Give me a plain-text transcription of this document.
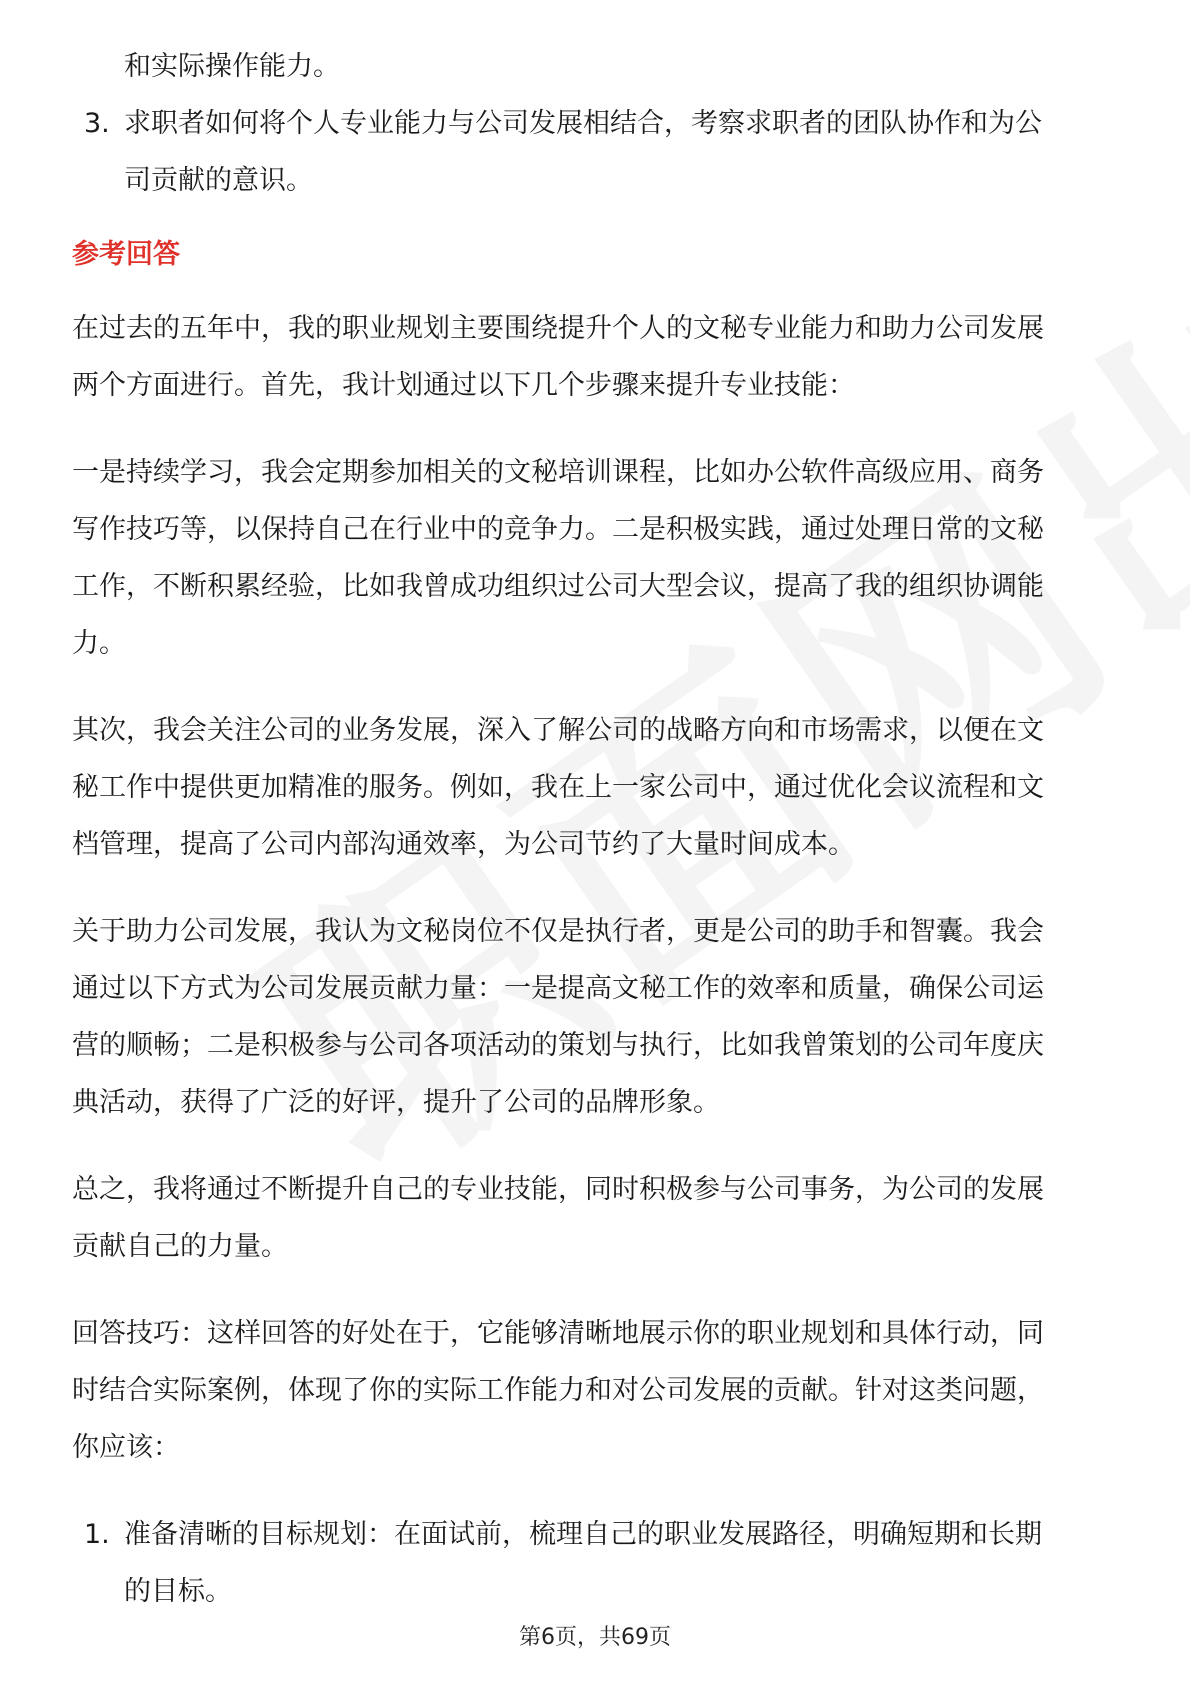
和实际操作能力。
3. 求职者如何将个人专业能力与公司发展相结合，考察求职者的团队协作和为公
司贡献的意识。
参考回答
在过去的五年中，我的职业规划主要围绕提升个人的文秘专业能力和助力公司发展
两个方面进行。首先，我计划通过以下几个步骤来提升专业技能：
一是持续学习，我会定期参加相关的文秘培训课程，比如办公软件高级应用、商务
写作技巧等，以保持自己在行业中的竞争力。二是积极实践，通过处理日常的文秘
工作，不断积累经验，比如我曾成功组织过公司大型会议，提高了我的组织协调能
力。
其次，我会关注公司的业务发展，深入了解公司的战略方向和市场需求，以便在文
秘工作中提供更加精准的服务。例如，我在上一家公司中，通过优化会议流程和文
档管理，提高了公司内部沟通效率，为公司节约了大量时间成本。
关于助力公司发展，我认为文秘岗位不仅是执行者，更是公司的助手和智囊。我会
通过以下方式为公司发展贡献力量：一是提高文秘工作的效率和质量，确保公司运
营的顺畅；二是积极参与公司各项活动的策划与执行，比如我曾策划的公司年度庆
典活动，获得了广泛的好评，提升了公司的品牌形象。
总之，我将通过不断提升自己的专业技能，同时积极参与公司事务，为公司的发展
贡献自己的力量。
回答技巧：这样回答的好处在于，它能够清晰地展示你的职业规划和具体行动，同
时结合实际案例，体现了你的实际工作能力和对公司发展的贡献。针对这类问题，
你应该：
1. 准备清晰的目标规划：在面试前，梳理自己的职业发展路径，明确短期和长期
的目标。
第6页，共69页
